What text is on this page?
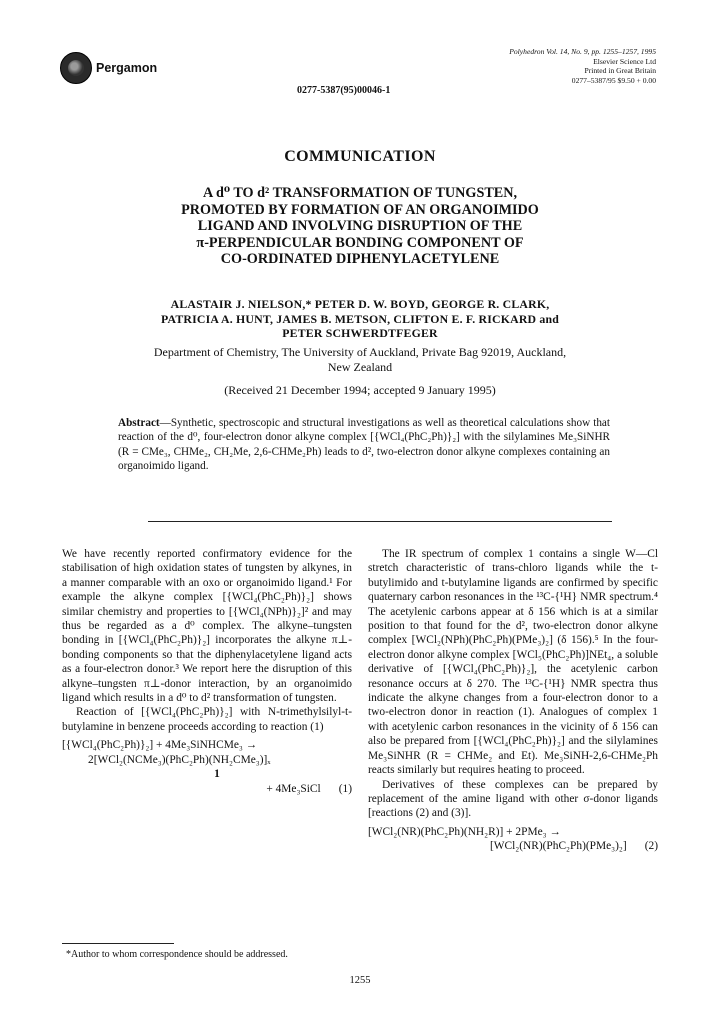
Pergamon
Polyhedron Vol. 14, No. 9, pp. 1255–1257, 1995
Elsevier Science Ltd
Printed in Great Britain
0277–5387/95 $9.50 + 0.00
0277-5387(95)00046-1
COMMUNICATION
A d⁰ TO d² TRANSFORMATION OF TUNGSTEN,
PROMOTED BY FORMATION OF AN ORGANOIMIDO
LIGAND AND INVOLVING DISRUPTION OF THE
π-PERPENDICULAR BONDING COMPONENT OF
CO-ORDINATED DIPHENYLACETYLENE
ALASTAIR J. NIELSON,* PETER D. W. BOYD, GEORGE R. CLARK,
PATRICIA A. HUNT, JAMES B. METSON, CLIFTON E. F. RICKARD and
PETER SCHWERDTFEGER
Department of Chemistry, The University of Auckland, Private Bag 92019, Auckland,
New Zealand
(Received 21 December 1994; accepted 9 January 1995)
Abstract—Synthetic, spectroscopic and structural investigations as well as theoretical calculations show that reaction of the d⁰, four-electron donor alkyne complex [{WCl₄(PhC₂Ph)}₂] with the silylamines Me₃SiNHR (R = CMe₃, CHMe₂, CH₂Me, 2,6-CHMe₂Ph) leads to d², two-electron donor alkyne complexes containing an organoimido ligand.

We have recently reported confirmatory evidence for the stabilisation of high oxidation states of tungsten by alkynes, in a manner comparable with an oxo or organoimido ligand.¹ For example the alkyne complex [{WCl₄(PhC₂Ph)}₂] shows similar chemistry and properties to [{WCl₄(NPh)}₂]² and may thus be regarded as a d⁰ complex. The alkyne–tungsten bonding in [{WCl₄(PhC₂Ph)}₂] incorporates the alkyne π⊥-bonding components so that the diphenylacetylene ligand acts as a four-electron donor.³ We report here the disruption of this alkyne–tungsten π⊥-donor interaction, by an organoimido ligand which results in a d⁰ to d² transformation of tungsten.

Reaction of [{WCl₄(PhC₂Ph)}₂] with N-trimethylsilyl-t-butylamine in benzene proceeds according to reaction (1)

[{WCl₄(PhC₂Ph)}₂] + 4Me₃SiNHCMe₃ →
2[WCl₂(NCMe₃)(PhC₂Ph)(NH₂CMe₃)]ₓ
1
+ 4Me₃SiCl (1)

The IR spectrum of complex 1 contains a single W—Cl stretch characteristic of trans-chloro ligands while the t-butylimido and t-butylamine ligands are confirmed by specific quaternary carbon resonances in the ¹³C-{¹H} NMR spectrum.⁴ The acetylenic carbons appear at δ 156 which is at a similar position to that found for the d², two-electron donor alkyne complex [WCl₂(NPh)(PhC₂Ph)(PMe₃)₂] (δ 156).⁵ In the four-electron donor alkyne complex [WCl₅(PhC₂Ph)]NEt₄, a soluble derivative of [{WCl₄(PhC₂Ph)}₂], the acetylenic carbon resonance occurs at δ 270. The ¹³C-{¹H} NMR spectra thus indicate the alkyne changes from a four-electron donor to a two-electron donor in reaction (1). Analogues of complex 1 with acetylenic carbon resonances in the vicinity of δ 156 can also be prepared from [{WCl₄(PhC₂Ph)}₂] and the silylamines Me₃SiNHR (R = CHMe₂ and Et). Me₃SiNH-2,6-CHMe₂Ph reacts similarly but requires heating to proceed.

Derivatives of these complexes can be prepared by replacement of the amine ligand with other σ-donor ligands [reactions (2) and (3)].

[WCl₂(NR)(PhC₂Ph)(NH₂R)] + 2PMe₃ →
[WCl₂(NR)(PhC₂Ph)(PMe₃)₂] (2)
*Author to whom correspondence should be addressed.
1255
